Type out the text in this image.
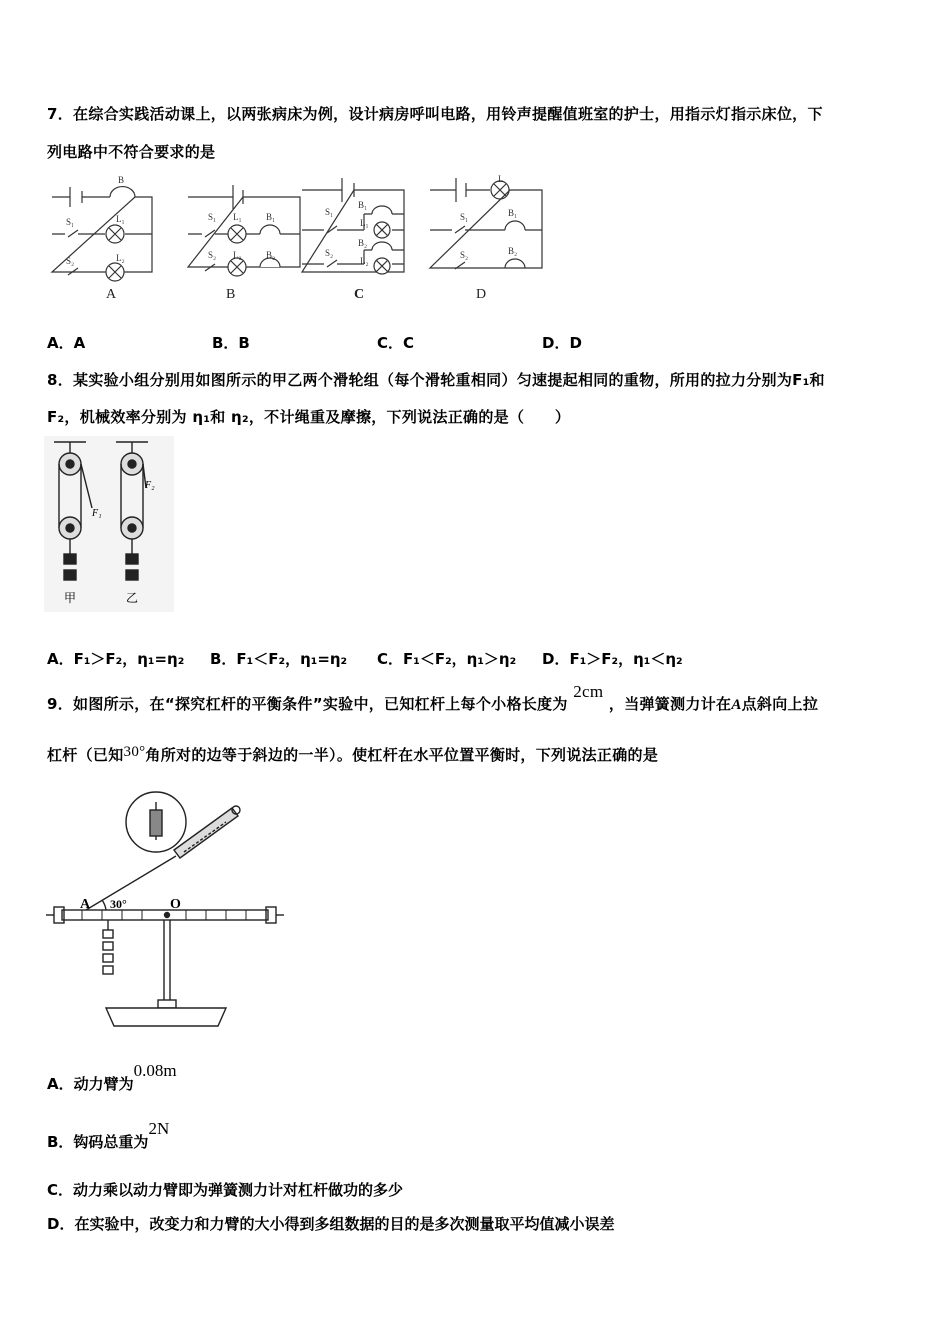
7．在综合实践活动课上，以两张病床为例，设计病房呼叫电路，用铃声提醒值班室的护士，用指示灯指示床位，下
列电路中不符合要求的是
B
S₁	L₁
S₂	L₂
S₁ L₁	B₁
S₂ L₂	B₂
S₁
B₁
L₁
S₂
B₂
L₂
L
S₁	B₁
S₂	B₂
A	B	C	D
A．A	B．B	C．C	D．D
8．某实验小组分别用如图所示的甲乙两个滑轮组（每个滑轮重相同）匀速提起相同的重物，所用的拉力分别为F₁和
F₂，机械效率分别为 η₁和 η₂，不计绳重及摩擦，下列说法正确的是（　　）
F₁
F₂
甲	乙
A．F₁＞F₂，η₁=η₂ B．F₁＜F₂，η₁=η₂ C．F₁＜F₂，η₁＞η₂ D．F₁＞F₂，η₁＜η₂
9．如图所示，在“探究杠杆的平衡条件”实验中，已知杠杆上每个小格长度为 2cm ，当弹簧测力计在A点斜向上拉
杠杆（已知30°角所对的边等于斜边的一半）。使杠杆在水平位置平衡时，下列说法正确的是
A	O
30°
A．动力臂为0.08m
B．钩码总重为2N
C．动力乘以动力臂即为弹簧测力计对杠杆做功的多少
D．在实验中，改变力和力臂的大小得到多组数据的目的是多次测量取平均值减小误差
